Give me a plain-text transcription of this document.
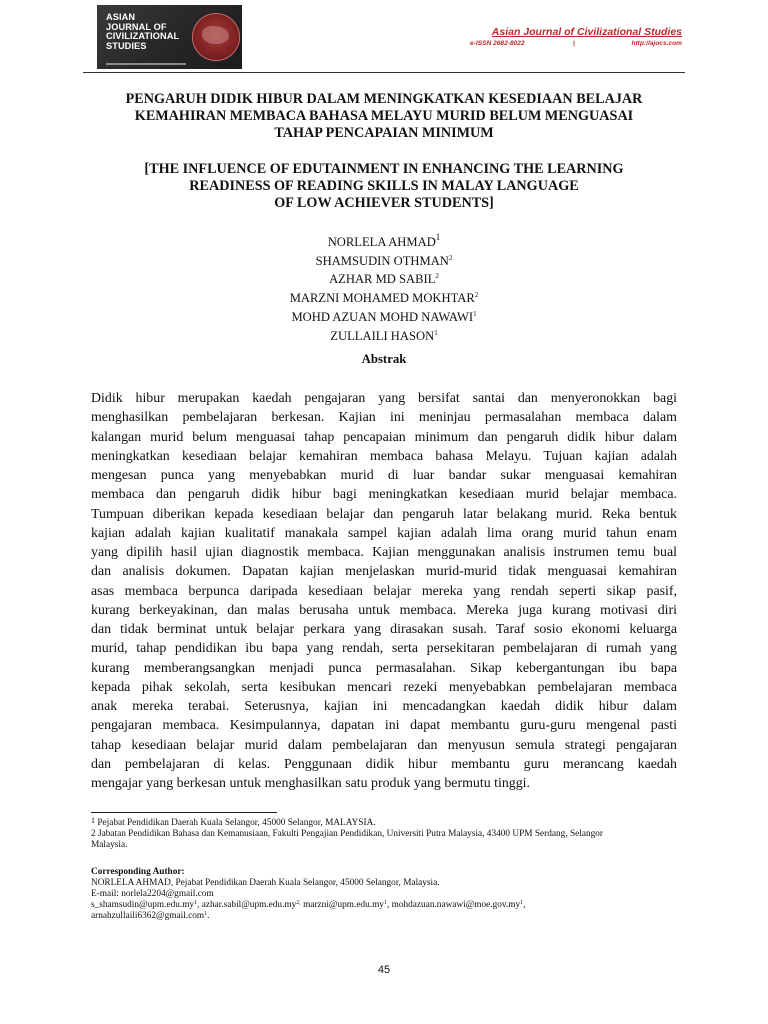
ASIAN
JOURNAL OF
CIVILIZATIONAL
STUDIES
Asian Journal of Civilizational Studies
e-ISSN 2682-8022	|	http://ajocs.com
PENGARUH DIDIK HIBUR DALAM MENINGKATKAN KESEDIAAN BELAJAR
KEMAHIRAN MEMBACA BAHASA MELAYU MURID BELUM MENGUASAI
TAHAP PENCAPAIAN MINIMUM
[THE INFLUENCE OF EDUTAINMENT IN ENHANCING THE LEARNING
READINESS OF READING SKILLS IN MALAY LANGUAGE
OF LOW ACHIEVER STUDENTS]
NORLELA AHMAD$^1$
SHAMSUDIN OTHMAN$^2$
AZHAR MD SABIL$^2$
MARZNI MOHAMED MOKHTAR$^2$
MOHD AZUAN MOHD NAWAWI$^1$
ZULLAILI HASON$^1$
Abstrak
Didik hibur merupakan kaedah pengajaran yang bersifat santai dan menyeronokkan bagi
menghasilkan pembelajaran berkesan. Kajian ini meninjau permasalahan membaca dalam
kalangan murid belum menguasai tahap pencapaian minimum dan pengaruh didik hibur dalam
meningkatkan kesediaan belajar kemahiran membaca bahasa Melayu. Tujuan kajian adalah
mengesan punca yang menyebabkan murid di luar bandar sukar menguasai kemahiran
membaca dan pengaruh didik hibur bagi meningkatkan kesediaan murid belajar membaca.
Tumpuan diberikan kepada kesediaan belajar dan pengaruh latar belakang murid. Reka bentuk
kajian adalah kajian kualitatif manakala sampel kajian adalah lima orang murid tahun enam
yang dipilih hasil ujian diagnostik membaca. Kajian menggunakan analisis instrumen temu bual
dan analisis dokumen. Dapatan kajian menjelaskan murid-murid tidak menguasai kemahiran
asas membaca berpunca daripada kesediaan belajar mereka yang rendah seperti sikap pasif,
kurang berkeyakinan, dan malas berusaha untuk membaca. Mereka juga kurang motivasi diri
dan tidak berminat untuk belajar perkara yang dirasakan susah. Taraf sosio ekonomi keluarga
murid, tahap pendidikan ibu bapa yang rendah, serta persekitaran pembelajaran di rumah yang
kurang memberangsangkan menjadi punca permasalahan. Sikap kebergantungan ibu bapa
kepada pihak sekolah, serta kesibukan mencari rezeki menyebabkan pembelajaran membaca
anak mereka terabai. Seterusnya, kajian ini mencadangkan kaedah didik hibur dalam
pengajaran membaca. Kesimpulannya, dapatan ini dapat membantu guru-guru mengenal pasti
tahap kesediaan belajar murid dalam pembelajaran dan menyusun semula strategi pengajaran
dan pembelajaran di kelas. Penggunaan didik hibur membantu guru merancang kaedah
mengajar yang berkesan untuk menghasilkan satu produk yang bermutu tinggi.
$^1$ Pejabat Pendidikan Daerah Kuala Selangor, 45000 Selangor, MALAYSIA.
2 Jabatan Pendidikan Bahasa dan Kemanusiaan, Fakulti Pengajian Pendidikan, Universiti Putra Malaysia, 43400 UPM Serdang, Selangor
Malaysia.
Corresponding Author:
NORLELA AHMAD, Pejabat Pendidikan Daerah Kuala Selangor, 45000 Selangor, Malaysia.
E-mail: norlela2204@gmail.com
$s\_shamsudin@upm.edu.my^1$, $azhar.sabil@upm.edu.my^{2,}$ $marzni@upm.edu.my^1$, $mohdazuan.nawawi@moe.gov.my^1$,
arnahzullaili6362@gmail.com$^1$.
45
